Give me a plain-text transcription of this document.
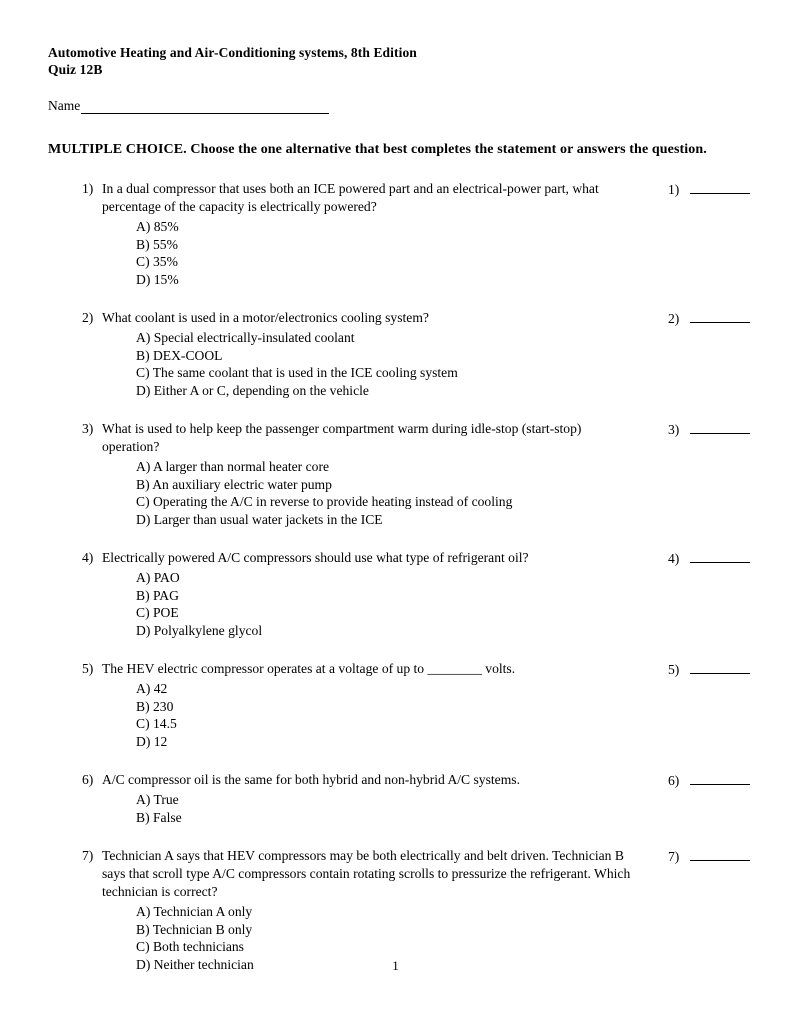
Automotive Heating and Air-Conditioning systems, 8th Edition
Quiz 12B
Name
MULTIPLE CHOICE. Choose the one alternative that best completes the statement or answers the question.
1) In a dual compressor that uses both an ICE powered part and an electrical-power part, what percentage of the capacity is electrically powered?
A) 85%
B) 55%
C) 35%
D) 15%
1)
2) What coolant is used in a motor/electronics cooling system?
A) Special electrically-insulated coolant
B) DEX-COOL
C) The same coolant that is used in the ICE cooling system
D) Either A or C, depending on the vehicle
2)
3) What is used to help keep the passenger compartment warm during idle-stop (start-stop) operation?
A) A larger than normal heater core
B) An auxiliary electric water pump
C) Operating the A/C in reverse to provide heating instead of cooling
D) Larger than usual water jackets in the ICE
3)
4) Electrically powered A/C compressors should use what type of refrigerant oil?
A) PAO
B) PAG
C) POE
D) Polyalkylene glycol
4)
5) The HEV electric compressor operates at a voltage of up to ________ volts.
A) 42
B) 230
C) 14.5
D) 12
5)
6) A/C compressor oil is the same for both hybrid and non-hybrid A/C systems.
A) True
B) False
6)
7) Technician A says that HEV compressors may be both electrically and belt driven. Technician B says that scroll type A/C compressors contain rotating scrolls to pressurize the refrigerant. Which technician is correct?
A) Technician A only
B) Technician B only
C) Both technicians
D) Neither technician
7)
1
